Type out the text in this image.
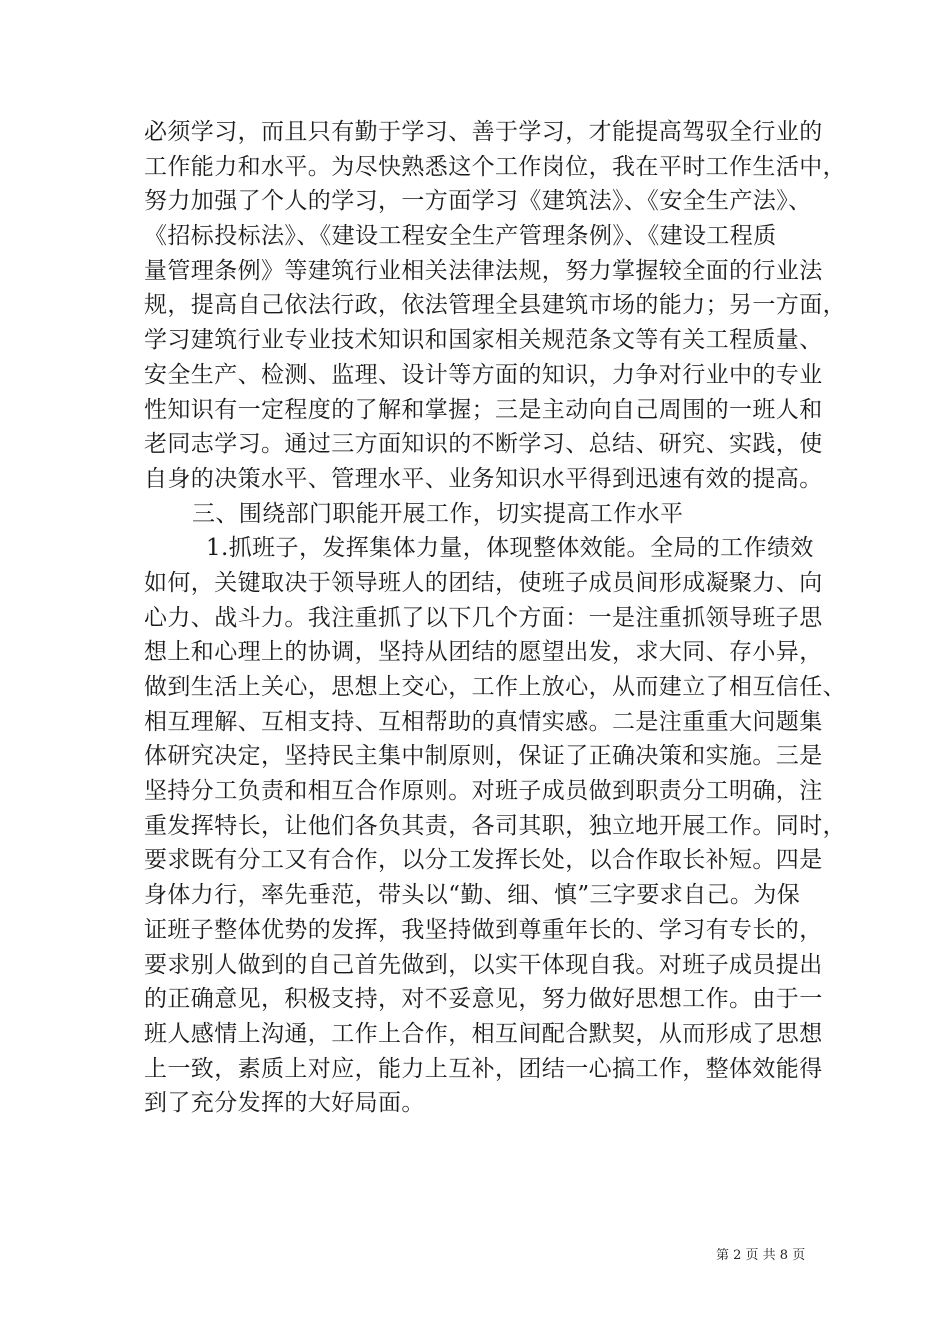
必须学习，而且只有勤于学习、善于学习，才能提高驾驭全行业的
工作能力和水平。为尽快熟悉这个工作岗位，我在平时工作生活中，
努力加强了个人的学习，一方面学习《建筑法》、《安全生产法》、
《招标投标法》、《建设工程安全生产管理条例》、《建设工程质
量管理条例》等建筑行业相关法律法规，努力掌握较全面的行业法
规，提高自己依法行政，依法管理全县建筑市场的能力；另一方面，
学习建筑行业专业技术知识和国家相关规范条文等有关工程质量、
安全生产、检测、监理、设计等方面的知识，力争对行业中的专业
性知识有一定程度的了解和掌握；三是主动向自己周围的一班人和
老同志学习。通过三方面知识的不断学习、总结、研究、实践，使
自身的决策水平、管理水平、业务知识水平得到迅速有效的提高。
三、围绕部门职能开展工作，切实提高工作水平
1.抓班子，发挥集体力量，体现整体效能。全局的工作绩效
如何，关键取决于领导班人的团结，使班子成员间形成凝聚力、向
心力、战斗力。我注重抓了以下几个方面：一是注重抓领导班子思
想上和心理上的协调，坚持从团结的愿望出发，求大同、存小异，
做到生活上关心，思想上交心，工作上放心，从而建立了相互信任、
相互理解、互相支持、互相帮助的真情实感。二是注重重大问题集
体研究决定，坚持民主集中制原则，保证了正确决策和实施。三是
坚持分工负责和相互合作原则。对班子成员做到职责分工明确，注
重发挥特长，让他们各负其责，各司其职，独立地开展工作。同时，
要求既有分工又有合作，以分工发挥长处，以合作取长补短。四是
身体力行，率先垂范，带头以“勤、细、慎”三字要求自己。为保
证班子整体优势的发挥，我坚持做到尊重年长的、学习有专长的，
要求别人做到的自己首先做到，以实干体现自我。对班子成员提出
的正确意见，积极支持，对不妥意见，努力做好思想工作。由于一
班人感情上沟通，工作上合作，相互间配合默契，从而形成了思想
上一致，素质上对应，能力上互补，团结一心搞工作，整体效能得
到了充分发挥的大好局面。
第 2 页 共 8 页
